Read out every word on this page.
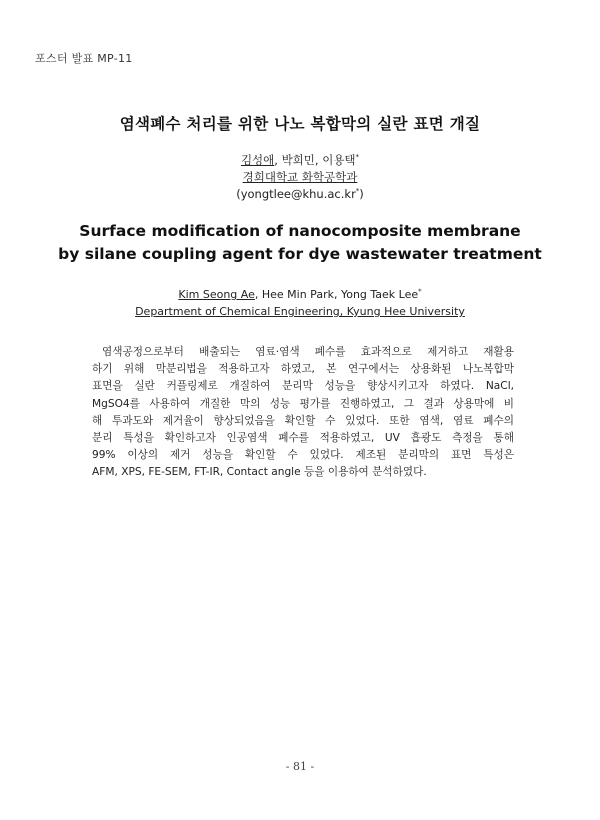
포스터 발표 MP-11
염색폐수 처리를 위한 나노 복합막의 실란 표면 개질
김성애, 박희민, 이용택*
경희대학교 화학공학과
(yongtlee@khu.ac.kr*)
Surface modification of nanocomposite membrane
by silane coupling agent for dye wastewater treatment
Kim Seong Ae, Hee Min Park, Yong Taek Lee*
Department of Chemical Engineering, Kyung Hee University
염색공정으로부터 배출되는 염료·염색 폐수를 효과적으로 제거하고 재활용
하기 위해 막분리법을 적용하고자 하였고, 본 연구에서는 상용화된 나노복합막
표면을 실란 커플링제로 개질하여 분리막 성능을 향상시키고자 하였다. NaCl,
MgSO4를 사용하여 개질한 막의 성능 평가를 진행하였고, 그 결과 상용막에 비
해 투과도와 제거율이 향상되었음을 확인할 수 있었다. 또한 염색, 염료 폐수의
분리 특성을 확인하고자 인공염색 폐수를 적용하였고, UV 흡광도 측정을 통해
99% 이상의 제거 성능을 확인할 수 있었다. 제조된 분리막의 표면 특성은
AFM, XPS, FE-SEM, FT-IR, Contact angle 등을 이용하여 분석하였다.
- 81 -
